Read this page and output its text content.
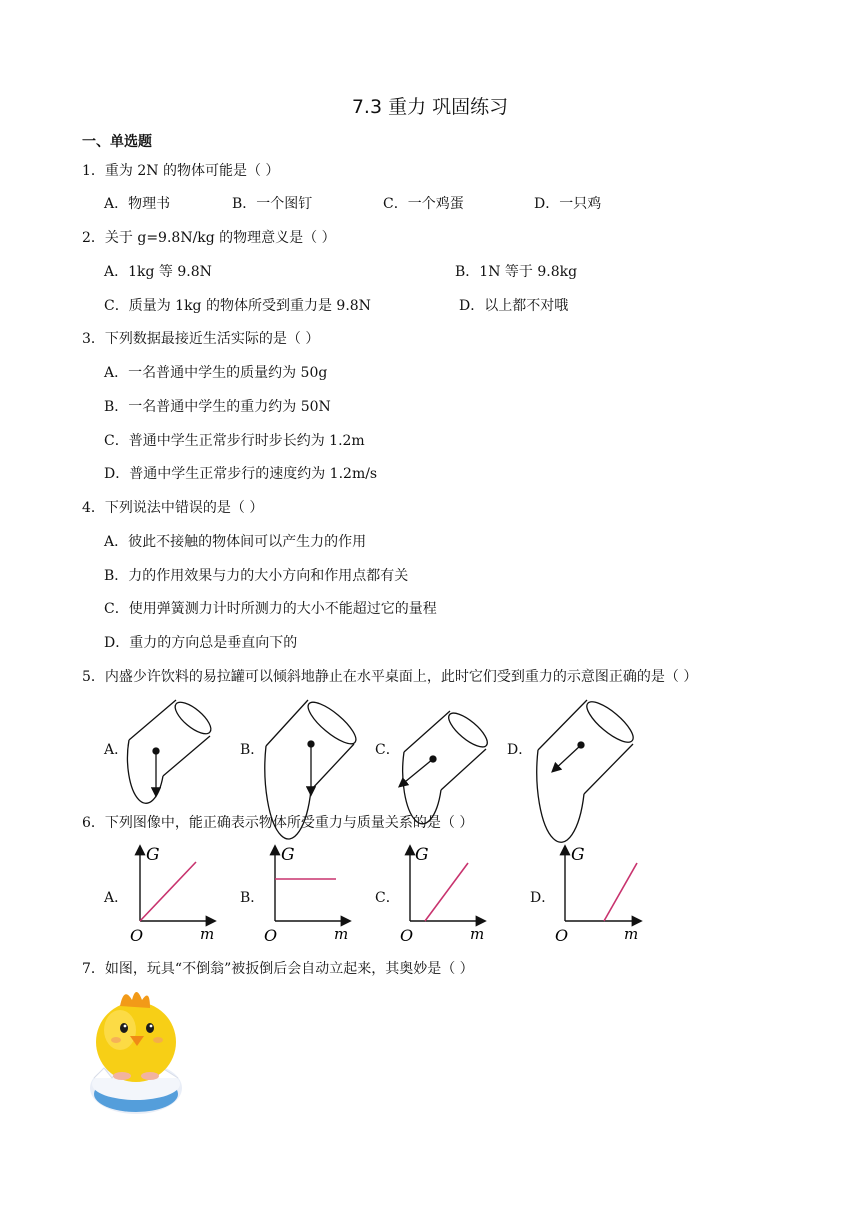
7.3 重力 巩固练习
一、单选题
1．重为 2N 的物体可能是（ ）
A．物理书	B．一个图钉	C．一个鸡蛋	D．一只鸡
2．关于 g=9.8N/kg 的物理意义是（ ）
A．1kg 等 9.8N	B．1N 等于 9.8kg
C．质量为 1kg 的物体所受到重力是 9.8N	D．以上都不对哦
3．下列数据最接近生活实际的是（ ）
A．一名普通中学生的质量约为 50g
B．一名普通中学生的重力约为 50N
C．普通中学生正常步行时步长约为 1.2m
D．普通中学生正常步行的速度约为 1.2m/s
4．下列说法中错误的是（ ）
A．彼此不接触的物体间可以产生力的作用
B．力的作用效果与力的大小方向和作用点都有关
C．使用弹簧测力计时所测力的大小不能超过它的量程
D．重力的方向总是垂直向下的
5．内盛少许饮料的易拉罐可以倾斜地静止在水平桌面上，此时它们受到重力的示意图正确的是（ ）
A．	B．	C．	D．
6．下列图像中，能正确表示物体所受重力与质量关系的是（ ）
A．	B．	C．	D．
G
O	m
G
O	m
G
O	m
G
O	m
7．如图，玩具“不倒翁”被扳倒后会自动立起来，其奥妙是（ ）
